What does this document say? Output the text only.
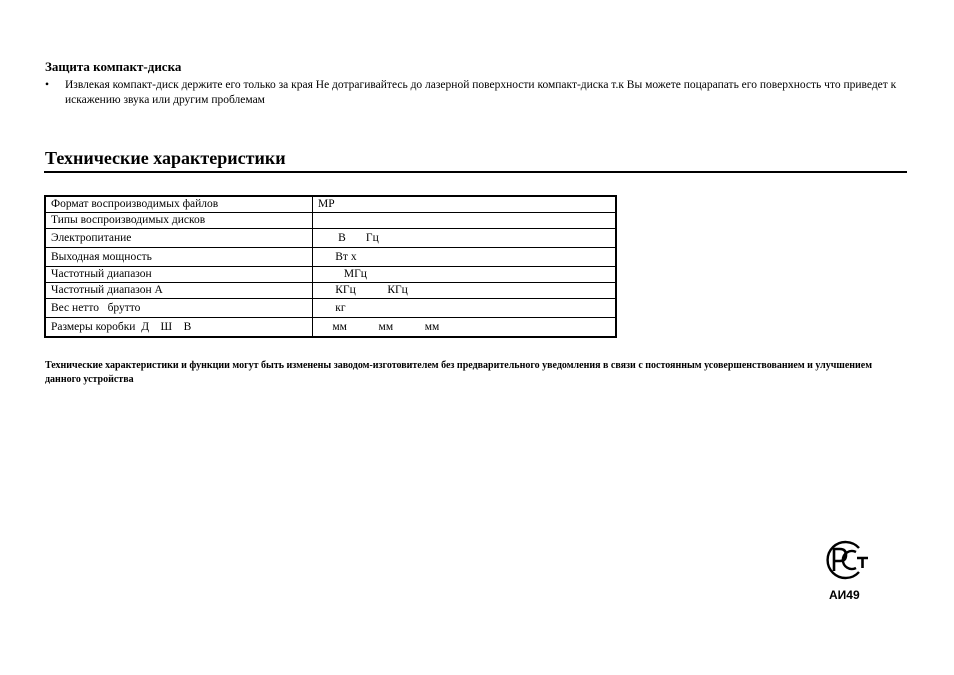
Защита компакт-диска
•	Извлекая компакт-диск держите его только за края Не дотрагивайтесь до лазерной поверхности компакт-диска т.к Вы можете поцарапать его поверхность что приведет к искажению звука или другим проблемам
Технические характеристики
Формат воспроизводимых файлов	MP
Типы воспроизводимых дисков	
Электропитание	В       Гц
Выходная мощность	Вт х
Частотный диапазон	МГц
Частотный диапазон A	КГц           КГц
Вес нетто   брутто	кг
Размеры коробки  Д    Ш    В	мм           мм           мм
Технические характеристики и функции могут быть изменены заводом-изготовителем без предварительного уведомления в связи с постоянным усовершенствованием и улучшением данного устройства
АИ49
